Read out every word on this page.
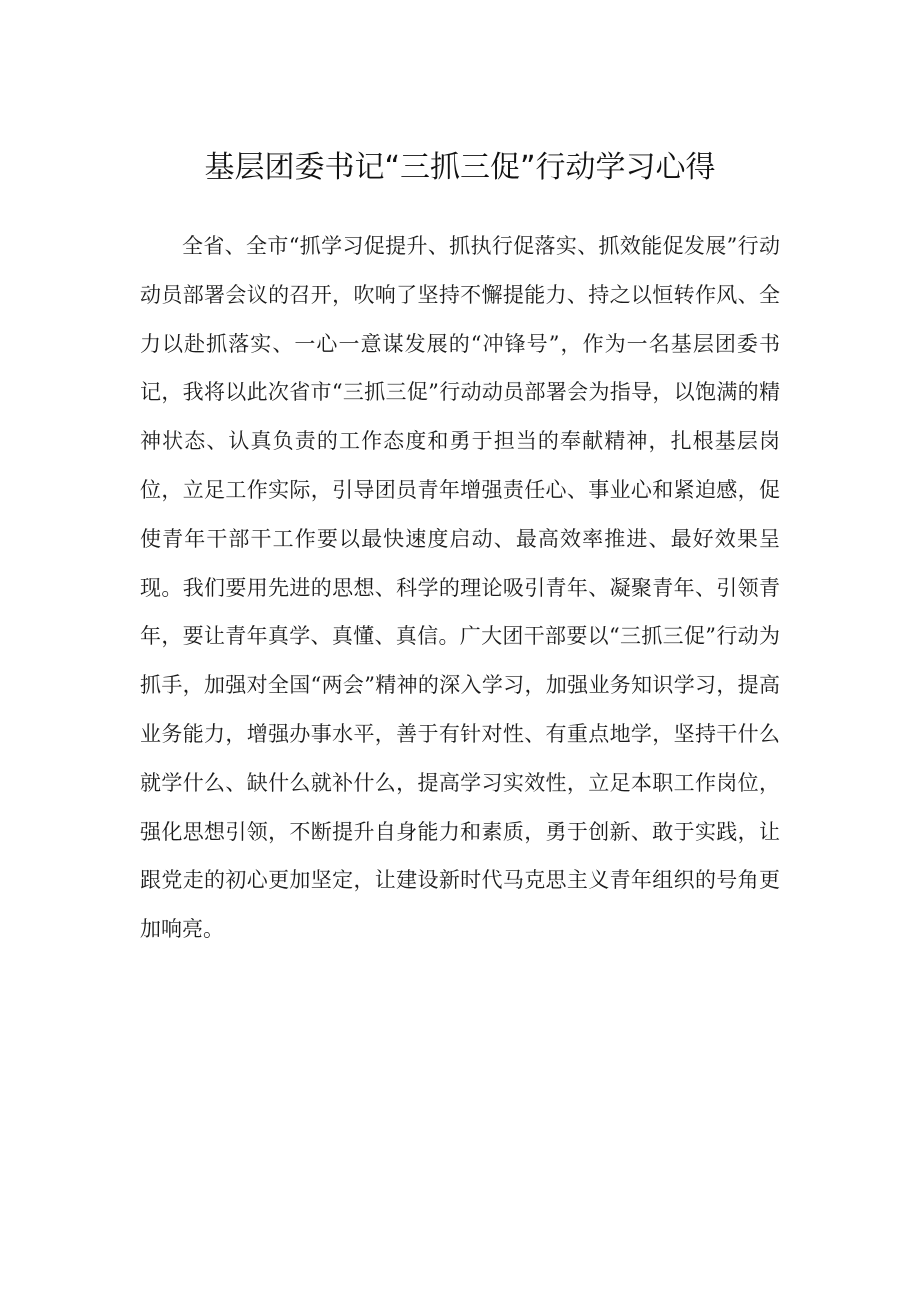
基层团委书记“三抓三促”行动学习心得

全省、全市“抓学习促提升、抓执行促落实、抓效能促发展”行动动员部署会议的召开，吹响了坚持不懈提能力、持之以恒转作风、全力以赴抓落实、一心一意谋发展的“冲锋号”，作为一名基层团委书记，我将以此次省市“三抓三促”行动动员部署会为指导，以饱满的精神状态、认真负责的工作态度和勇于担当的奉献精神，扎根基层岗位，立足工作实际，引导团员青年增强责任心、事业心和紧迫感，促使青年干部干工作要以最快速度启动、最高效率推进、最好效果呈现。我们要用先进的思想、科学的理论吸引青年、凝聚青年、引领青年，要让青年真学、真懂、真信。广大团干部要以“三抓三促”行动为抓手，加强对全国“两会”精神的深入学习，加强业务知识学习，提高业务能力，增强办事水平，善于有针对性、有重点地学，坚持干什么就学什么、缺什么就补什么，提高学习实效性，立足本职工作岗位，强化思想引领，不断提升自身能力和素质，勇于创新、敢于实践，让跟党走的初心更加坚定，让建设新时代马克思主义青年组织的号角更加响亮。
